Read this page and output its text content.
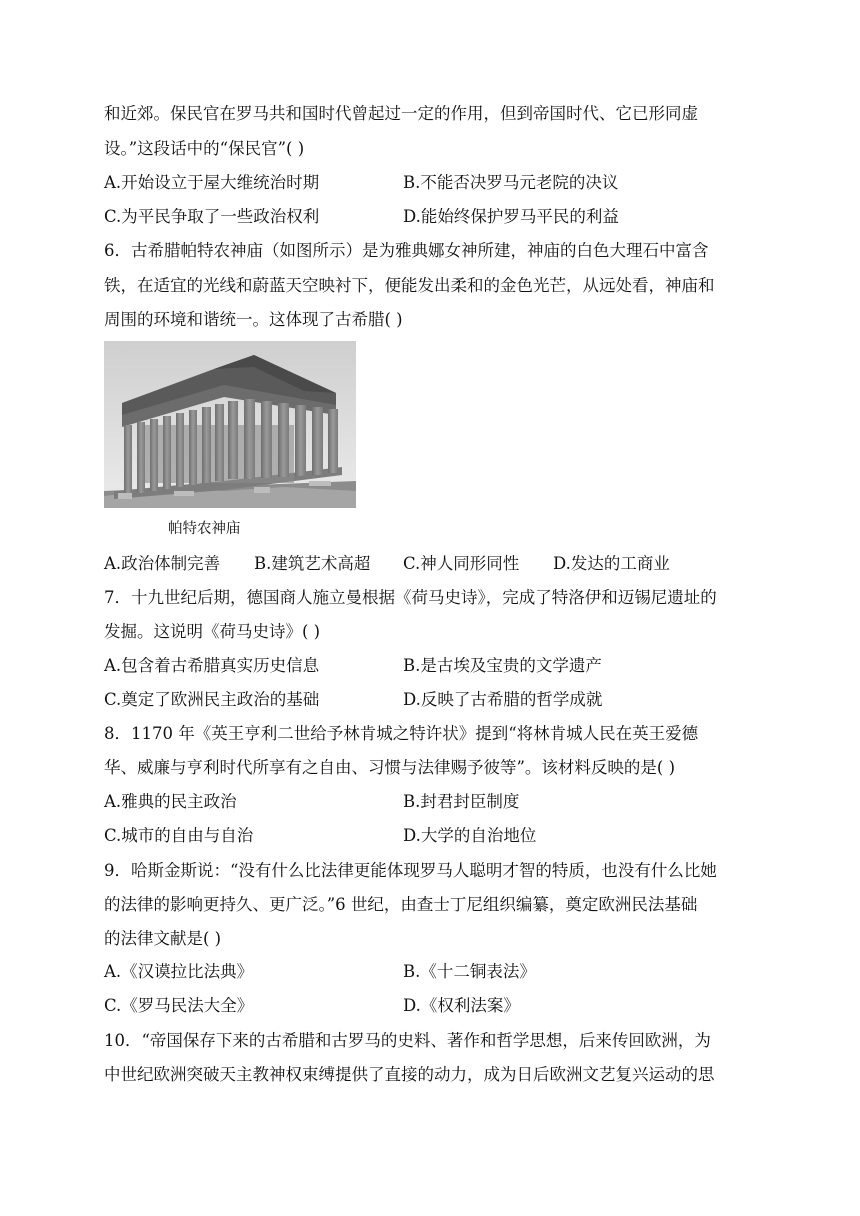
和近郊。保民官在罗马共和国时代曾起过一定的作用，但到帝国时代、它已形同虚
设。”这段话中的“保民官”( )
A.开始设立于屋大维统治时期	B.不能否决罗马元老院的决议
C.为平民争取了一些政治权利	D.能始终保护罗马平民的利益
6．古希腊帕特农神庙（如图所示）是为雅典娜女神所建，神庙的白色大理石中富含
铁，在适宜的光线和蔚蓝天空映衬下，便能发出柔和的金色光芒，从远处看，神庙和
周围的环境和谐统一。这体现了古希腊( )
帕特农神庙
A.政治体制完善 B.建筑艺术高超 C.神人同形同性 D.发达的工商业
7．十九世纪后期，德国商人施立曼根据《荷马史诗》，完成了特洛伊和迈锡尼遗址的
发掘。这说明《荷马史诗》( )
A.包含着古希腊真实历史信息	B.是古埃及宝贵的文学遗产
C.奠定了欧洲民主政治的基础	D.反映了古希腊的哲学成就
8．1170 年《英王亨利二世给予林肯城之特许状》提到“将林肯城人民在英王爱德
华、威廉与亨利时代所享有之自由、习惯与法律赐予彼等”。该材料反映的是( )
A.雅典的民主政治	B.封君封臣制度
C.城市的自由与自治	D.大学的自治地位
9．哈斯金斯说：“没有什么比法律更能体现罗马人聪明才智的特质，也没有什么比她
的法律的影响更持久、更广泛。”6 世纪，由查士丁尼组织编纂，奠定欧洲民法基础
的法律文献是( )
A.《汉谟拉比法典》	B.《十二铜表法》
C.《罗马民法大全》	D.《权利法案》
10．“帝国保存下来的古希腊和古罗马的史料、著作和哲学思想，后来传回欧洲，为
中世纪欧洲突破天主教神权束缚提供了直接的动力，成为日后欧洲文艺复兴运动的思
